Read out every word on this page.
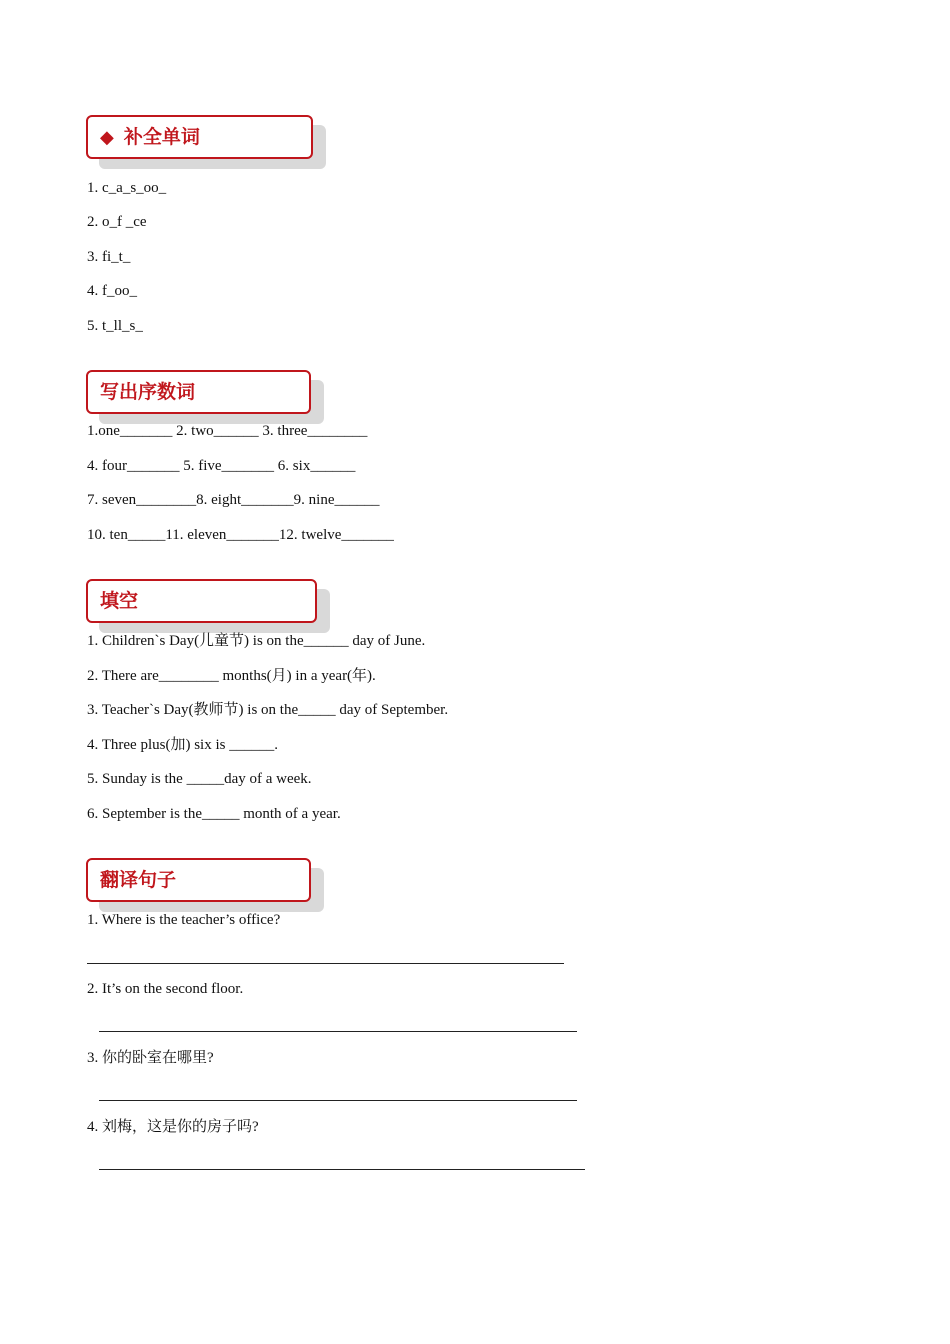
◆ 补全单词
1. c_a_s_oo_
2. o_f _ce
3. fi_t_
4. f_oo_
5. t_ll_s_
写出序数词
1.one_______ 2. two______ 3. three________
4. four_______ 5. five_______ 6. six______
7. seven________8. eight_______9. nine______
10. ten_____11. eleven_______12. twelve_______
填空
1. Children`s Day(儿童节) is on the______ day of June.
2. There are________ months(月) in a year(年).
3. Teacher`s Day(教师节) is on the_____ day of September.
4. Three plus(加) six is ______.
5. Sunday is the _____day of a week.
6. September is the_____ month of a year.
翻译句子
1. Where is the teacher’s office?
2. It’s on the second floor.
3. 你的卧室在哪里?
4. 刘梅，这是你的房子吗?
